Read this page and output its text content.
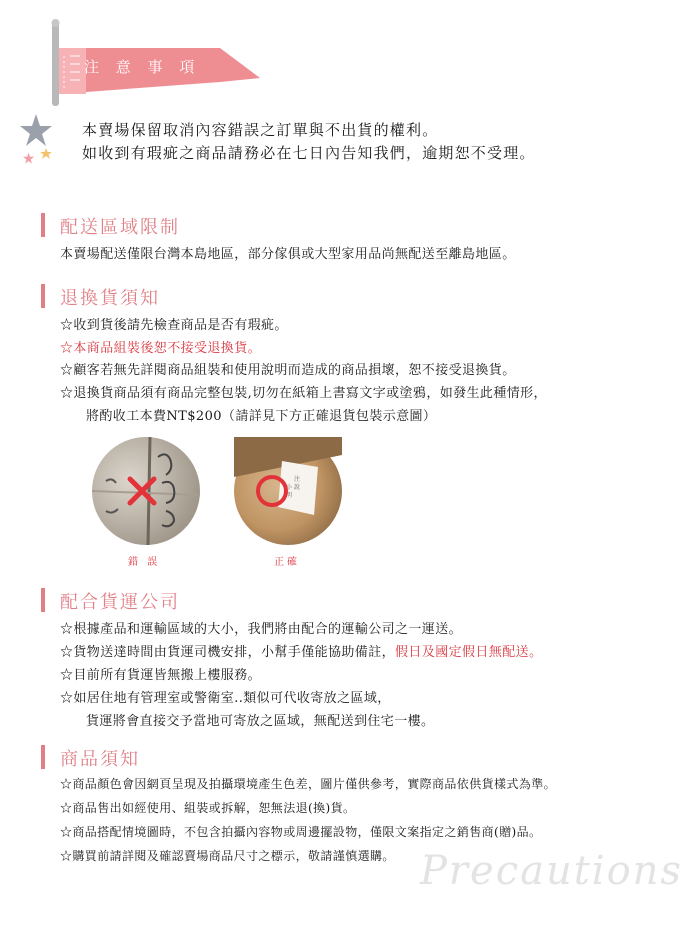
注 意 事 項
本賣場保留取消內容錯誤之訂單與不出貨的權利。
如收到有瑕疵之商品請務必在七日內告知我們，逾期恕不受理。
配送區域限制
本賣場配送僅限台灣本島地區，部分傢俱或大型家用品尚無配送至離島地區。
退換貨須知
☆收到貨後請先檢查商品是否有瑕疵。
☆本商品組裝後恕不接受退換貨。
☆顧客若無先詳閱商品組裝和使用說明而造成的商品損壞，恕不接受退換貨。
☆退換貨商品須有商品完整包裝,切勿在紙箱上書寫文字或塗鴉，如發生此種情形，
將酌收工本費NT$200（請詳見下方正確退貨包裝示意圖）
錯 誤
注
小 說
明
正確
配合貨運公司
☆根據產品和運輸區域的大小，我們將由配合的運輸公司之一運送。
☆貨物送達時間由貨運司機安排，小幫手僅能協助備註，假日及國定假日無配送。
☆目前所有貨運皆無搬上樓服務。
☆如居住地有管理室或警衛室..類似可代收寄放之區域，
貨運將會直接交予當地可寄放之區域，無配送到住宅一樓。
商品須知
☆商品顏色會因網頁呈現及拍攝環境產生色差，圖片僅供參考，實際商品依供貨樣式為準。
☆商品售出如經使用、組裝或拆解，恕無法退(換)貨。
☆商品搭配情境圖時，不包含拍攝內容物或周邊擺設物，僅限文案指定之銷售商(贈)品。
☆購買前請詳閱及確認賣場商品尺寸之標示，敬請謹慎選購。 Precautions
